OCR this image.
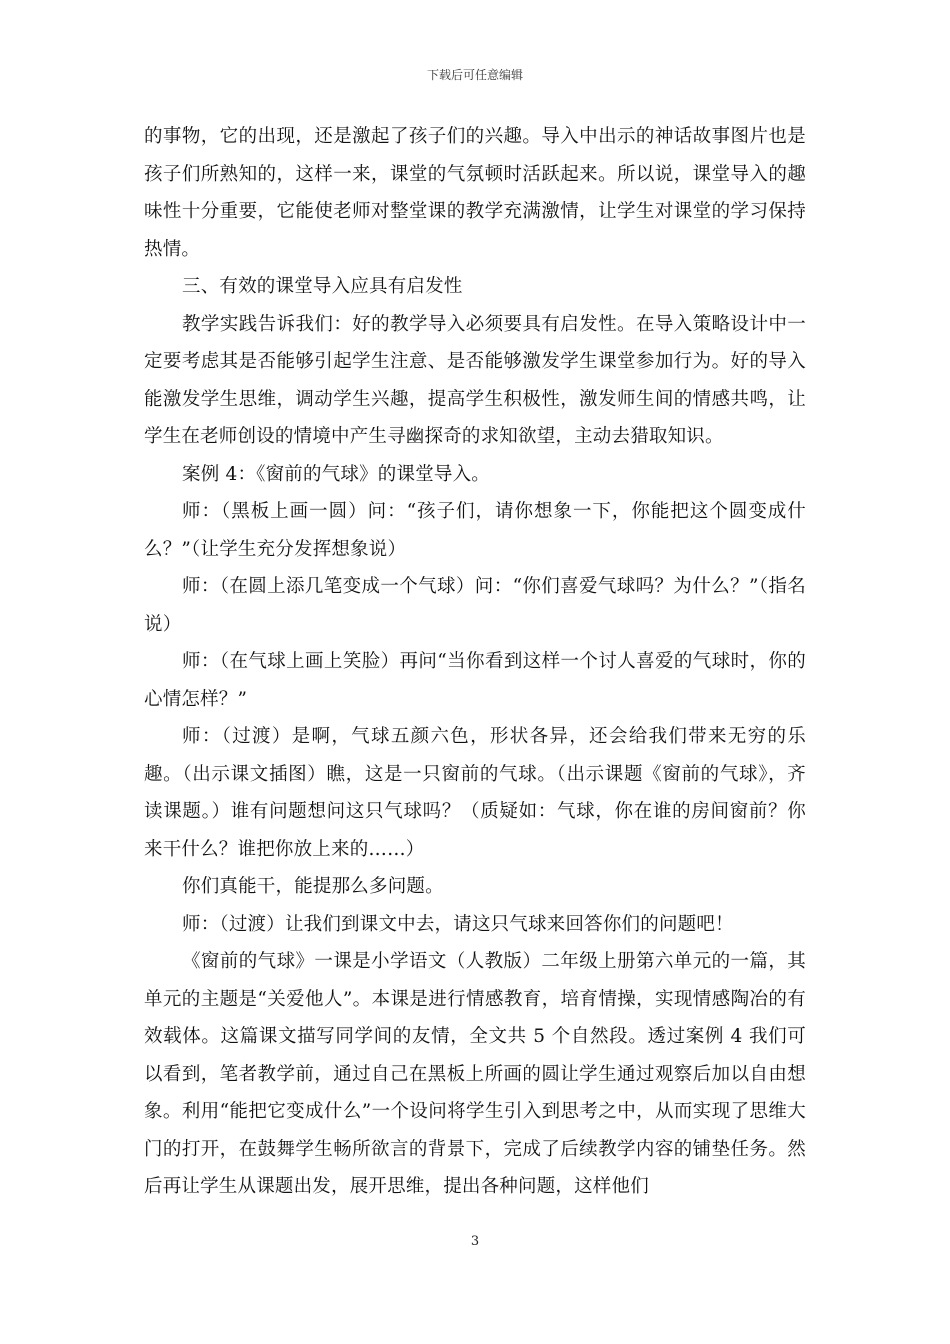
下载后可任意编辑

的事物，它的出现，还是激起了孩子们的兴趣。导入中出示的神话故事图片也是孩子们所熟知的，这样一来，课堂的气氛顿时活跃起来。所以说，课堂导入的趣味性十分重要，它能使老师对整堂课的教学充满激情，让学生对课堂的学习保持热情。

三、有效的课堂导入应具有启发性

教学实践告诉我们：好的教学导入必须要具有启发性。在导入策略设计中一定要考虑其是否能够引起学生注意、是否能够激发学生课堂参加行为。好的导入能激发学生思维，调动学生兴趣，提高学生积极性，激发师生间的情感共鸣，让学生在老师创设的情境中产生寻幽探奇的求知欲望，主动去猎取知识。

案例 4：《窗前的气球》的课堂导入。

师：（黑板上画一圆）问：“孩子们，请你想象一下，你能把这个圆变成什么？”（让学生充分发挥想象说）

师：（在圆上添几笔变成一个气球）问：“你们喜爱气球吗？为什么？”（指名说）

师：（在气球上画上笑脸）再问“当你看到这样一个讨人喜爱的气球时，你的心情怎样？”

师：（过渡）是啊，气球五颜六色，形状各异，还会给我们带来无穷的乐趣。（出示课文插图）瞧，这是一只窗前的气球。（出示课题《窗前的气球》，齐读课题。）谁有问题想问这只气球吗？（质疑如：气球，你在谁的房间窗前？你来干什么？谁把你放上来的……）

你们真能干，能提那么多问题。

师：（过渡）让我们到课文中去，请这只气球来回答你们的问题吧！

《窗前的气球》一课是小学语文（人教版）二年级上册第六单元的一篇，其单元的主题是“关爱他人”。本课是进行情感教育，培育情操，实现情感陶冶的有效载体。这篇课文描写同学间的友情，全文共 5 个自然段。透过案例 4 我们可以看到，笔者教学前，通过自己在黑板上所画的圆让学生通过观察后加以自由想象。利用“能把它变成什么”一个设问将学生引入到思考之中，从而实现了思维大门的打开，在鼓舞学生畅所欲言的背景下，完成了后续教学内容的铺垫任务。然后再让学生从课题出发，展开思维，提出各种问题，这样他们

3
